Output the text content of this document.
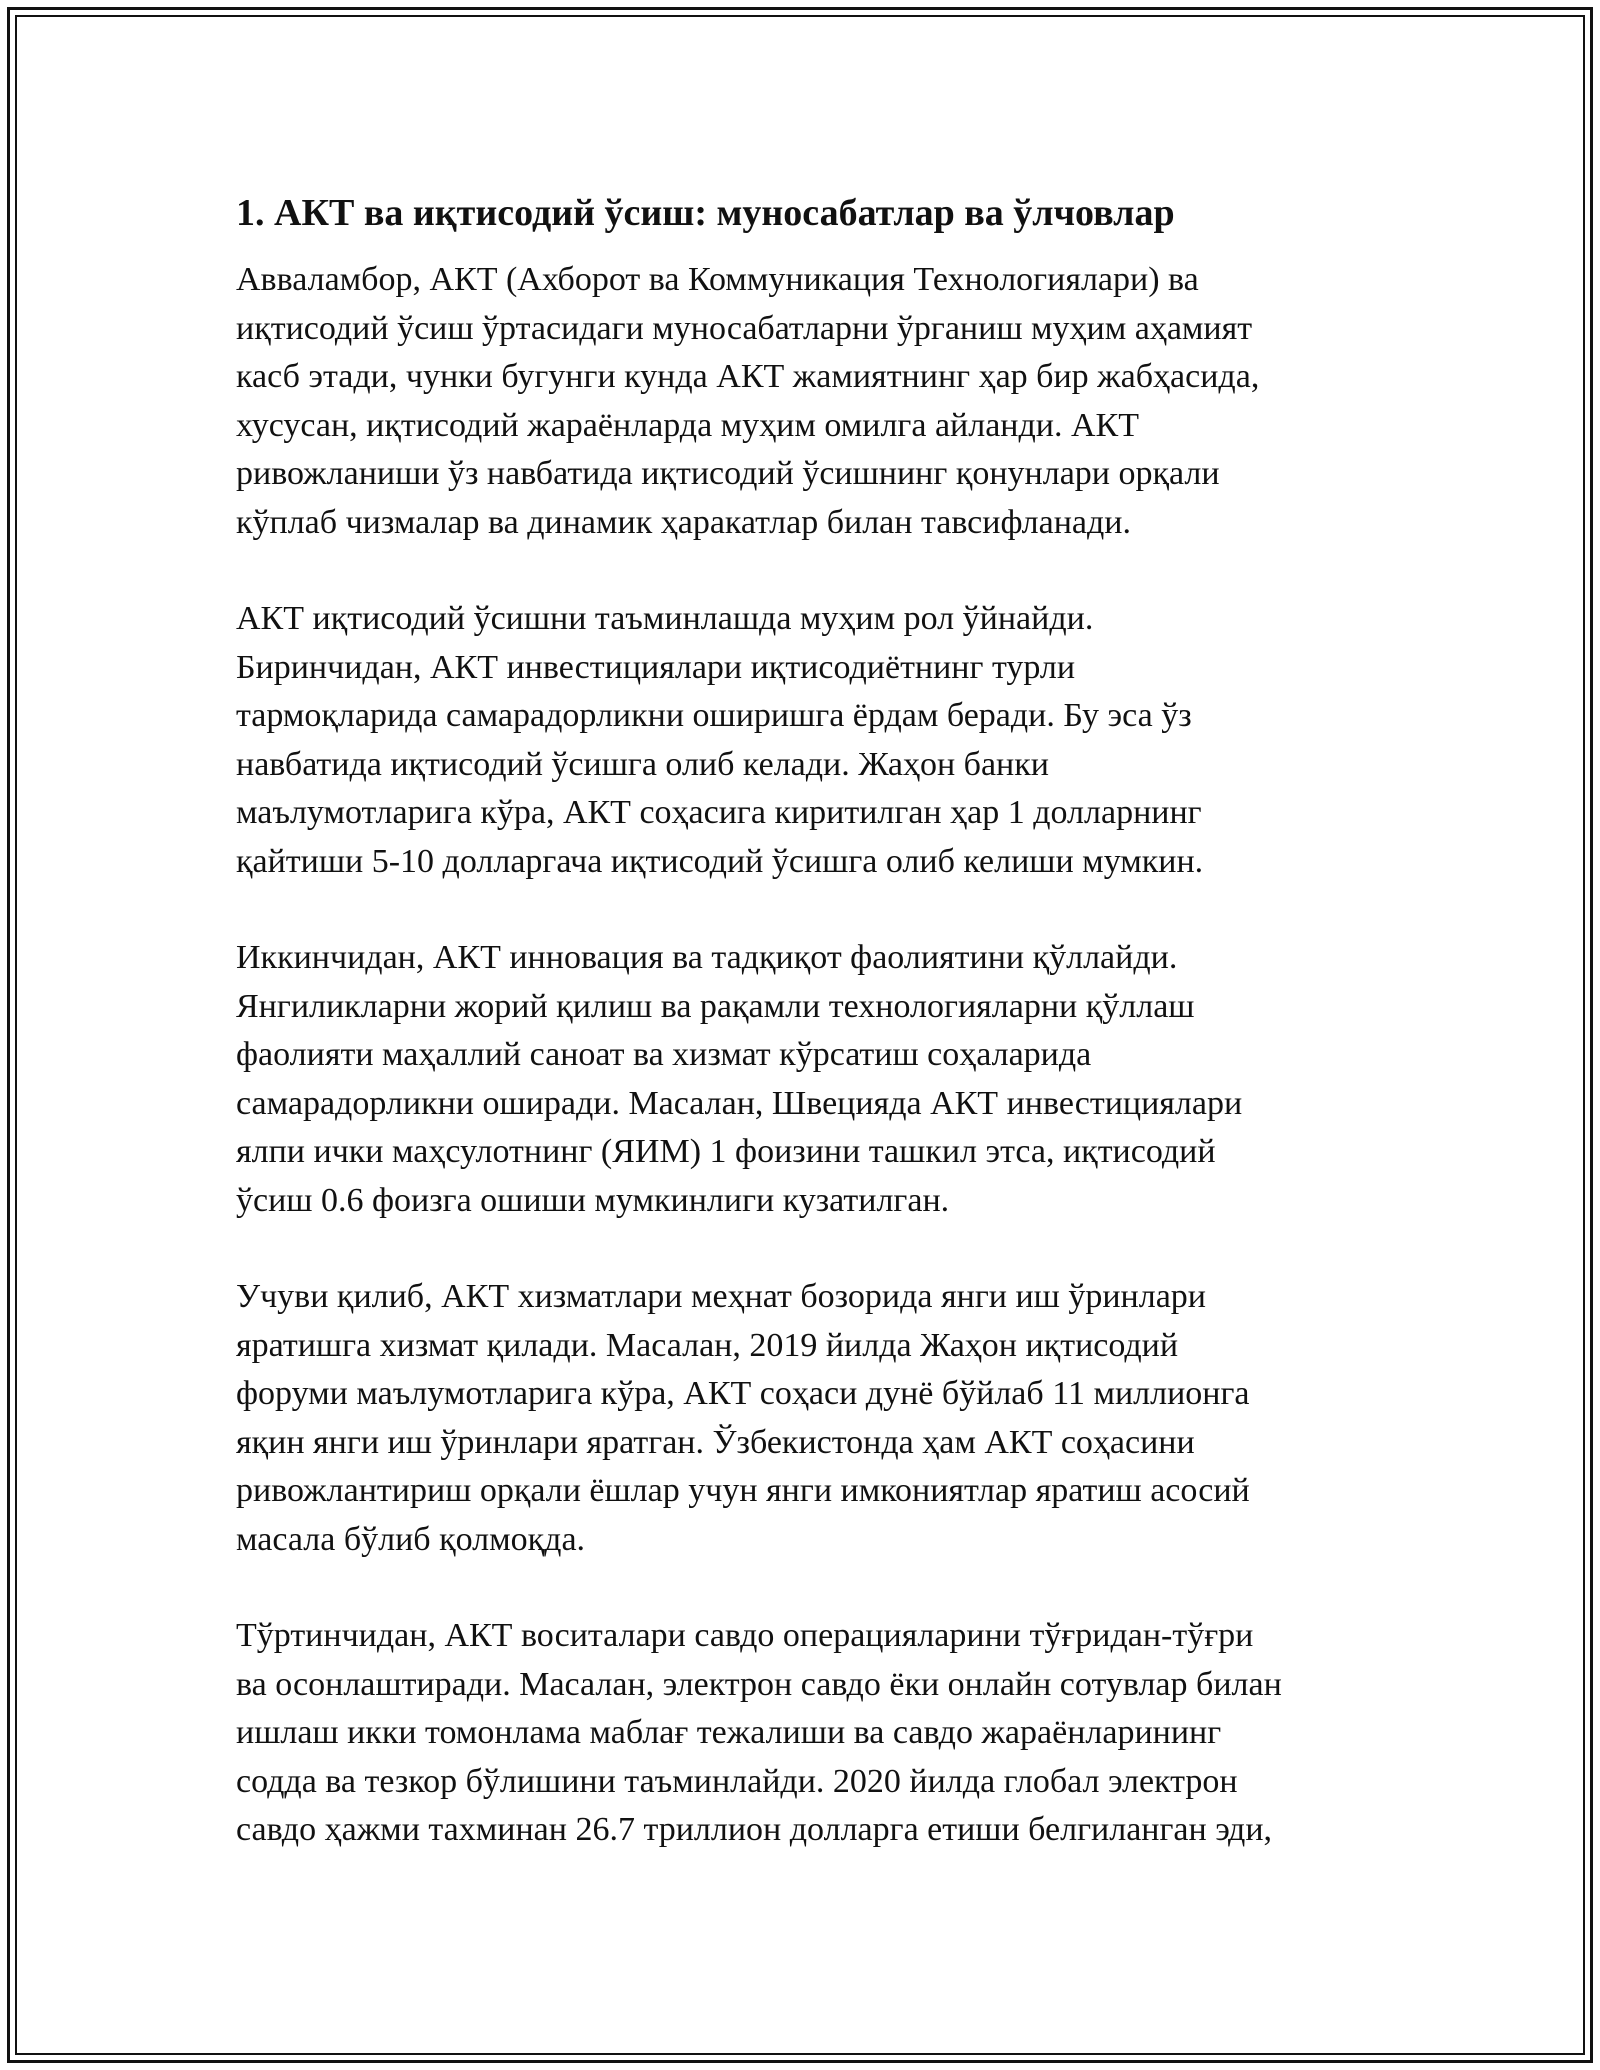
1. АКТ ва иқтисодий ўсиш: муносабатлар ва ўлчовлар

Авваламбор, АКТ (Ахборот ва Коммуникация Технологиялари) ва
иқтисодий ўсиш ўртасидаги муносабатларни ўрганиш муҳим аҳамият
касб этади, чунки бугунги кунда АКТ жамиятнинг ҳар бир жабҳасида,
хусусан, иқтисодий жараёнларда муҳим омилга айланди. АКТ
ривожланиши ўз навбатида иқтисодий ўсишнинг қонунлари орқали
кўплаб чизмалар ва динамик ҳаракатлар билан тавсифланади.

АКТ иқтисодий ўсишни таъминлашда муҳим рол ўйнайди.
Биринчидан, АКТ инвестициялари иқтисодиётнинг турли
тармоқларида самарадорликни оширишга ёрдам беради. Бу эса ўз
навбатида иқтисодий ўсишга олиб келади. Жаҳон банки
маълумотларига кўра, АКТ соҳасига киритилган ҳар 1 долларнинг
қайтиши 5-10 долларгача иқтисодий ўсишга олиб келиши мумкин.

Иккинчидан, АКТ инновация ва тадқиқот фаолиятини қўллайди.
Янгиликларни жорий қилиш ва рақамли технологияларни қўллаш
фаолияти маҳаллий саноат ва хизмат кўрсатиш соҳаларида
самарадорликни оширади. Масалан, Швецияда АКТ инвестициялари
ялпи ички маҳсулотнинг (ЯИМ) 1 фоизини ташкил этса, иқтисодий
ўсиш 0.6 фоизга ошиши мумкинлиги кузатилган.

Учуви қилиб, АКТ хизматлари меҳнат бозорида янги иш ўринлари
яратишга хизмат қилади. Масалан, 2019 йилда Жаҳон иқтисодий
форуми маълумотларига кўра, АКТ соҳаси дунё бўйлаб 11 миллионга
яқин янги иш ўринлари яратган. Ўзбекистонда ҳам АКТ соҳасини
ривожлантириш орқали ёшлар учун янги имкониятлар яратиш асосий
масала бўлиб қолмоқда.

Тўртинчидан, АКТ воситалари савдо операцияларини тўғридан-тўғри
ва осонлаштиради. Масалан, электрон савдо ёки онлайн сотувлар билан
ишлаш икки томонлама маблағ тежалиши ва савдо жараёнларининг
содда ва тезкор бўлишини таъминлайди. 2020 йилда глобал электрон
савдо ҳажми тахминан 26.7 триллион долларга етиши белгиланган эди,
